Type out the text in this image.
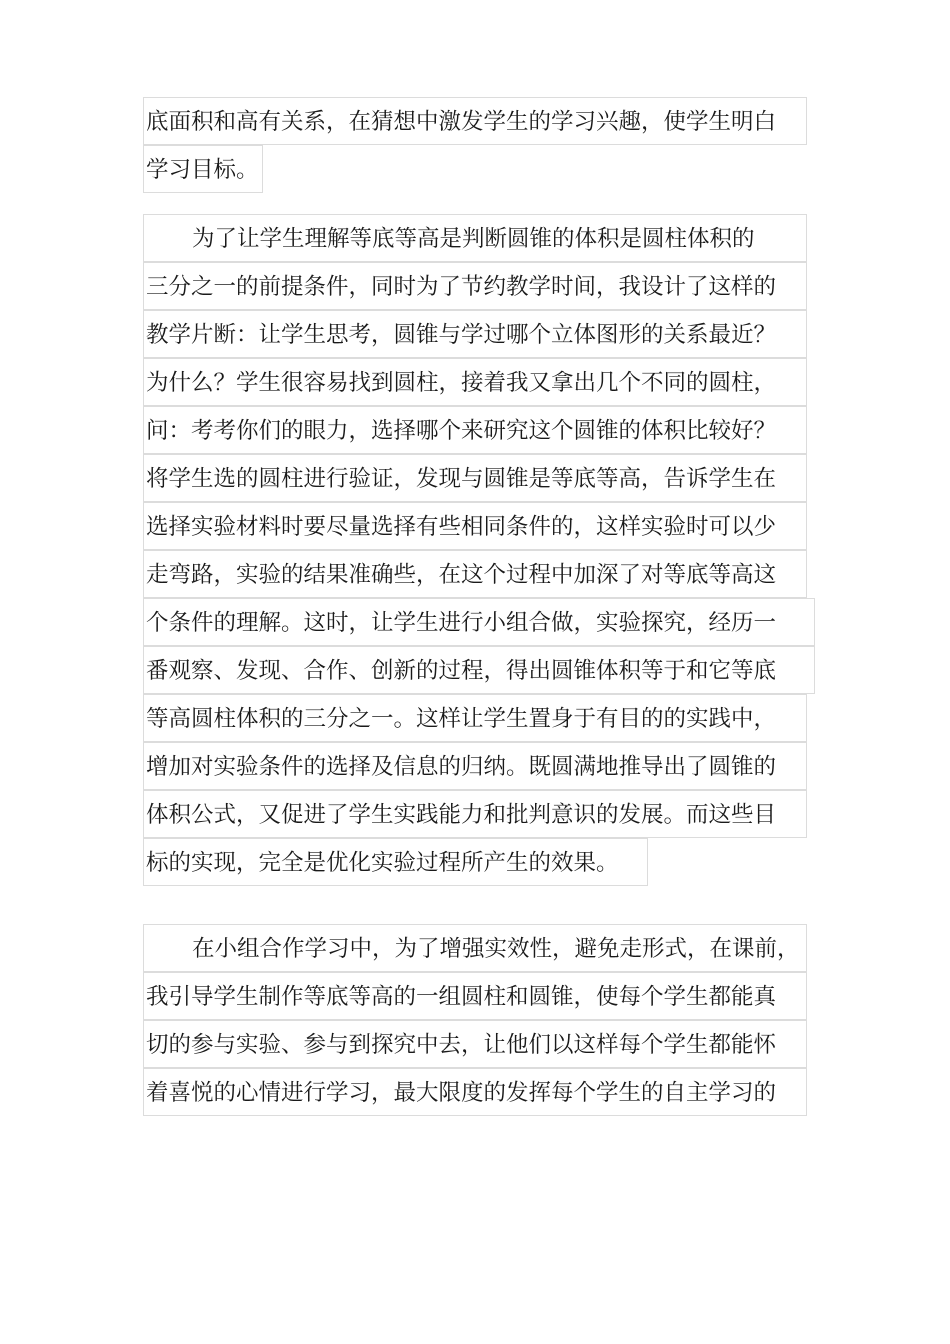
底面积和高有关系，在猜想中激发学生的学习兴趣，使学生明白
学习目标。
为了让学生理解等底等高是判断圆锥的体积是圆柱体积的
三分之一的前提条件，同时为了节约教学时间，我设计了这样的
教学片断：让学生思考，圆锥与学过哪个立体图形的关系最近？
为什么？学生很容易找到圆柱，接着我又拿出几个不同的圆柱，
问：考考你们的眼力，选择哪个来研究这个圆锥的体积比较好？
将学生选的圆柱进行验证，发现与圆锥是等底等高，告诉学生在
选择实验材料时要尽量选择有些相同条件的，这样实验时可以少
走弯路，实验的结果准确些，在这个过程中加深了对等底等高这
个条件的理解。这时，让学生进行小组合做，实验探究，经历一
番观察、发现、合作、创新的过程，得出圆锥体积等于和它等底
等高圆柱体积的三分之一。这样让学生置身于有目的的实践中，
增加对实验条件的选择及信息的归纳。既圆满地推导出了圆锥的
体积公式，又促进了学生实践能力和批判意识的发展。而这些目
标的实现，完全是优化实验过程所产生的效果。
在小组合作学习中，为了增强实效性，避免走形式，在课前，
我引导学生制作等底等高的一组圆柱和圆锥，使每个学生都能真
切的参与实验、参与到探究中去，让他们以这样每个学生都能怀
着喜悦的心情进行学习，最大限度的发挥每个学生的自主学习的
